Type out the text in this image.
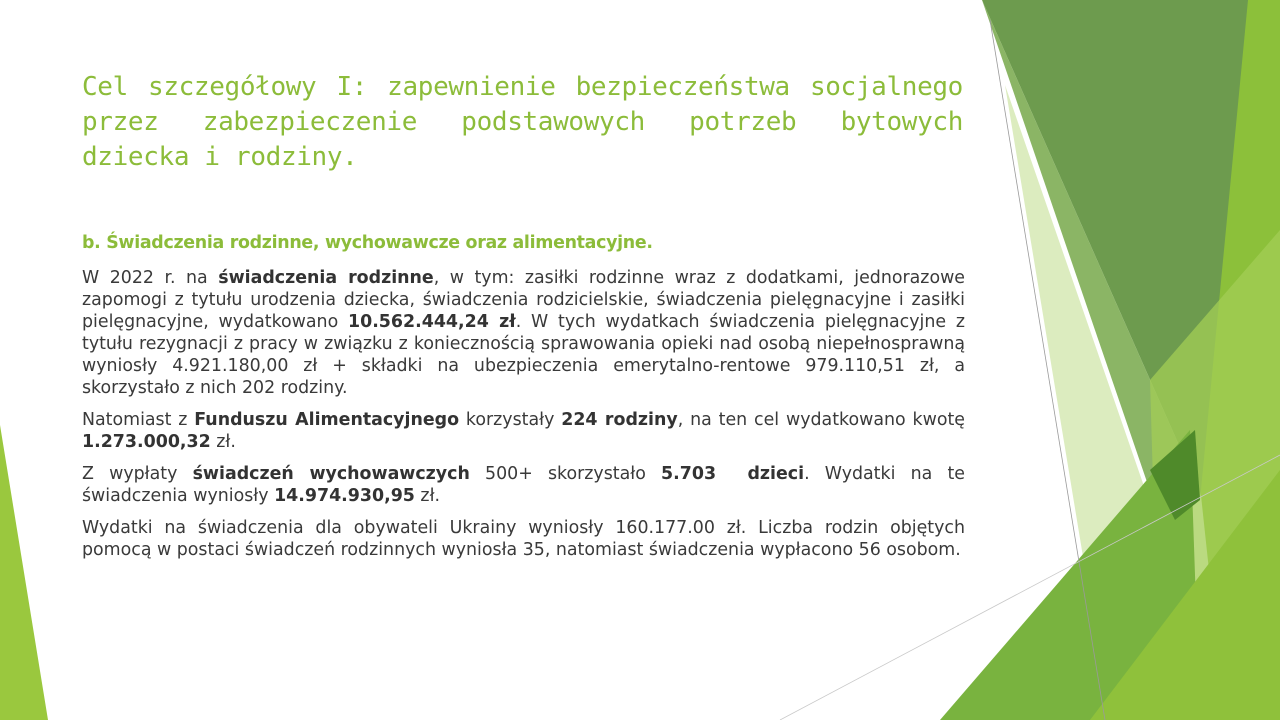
Cel szczegółowy I: zapewnienie bezpieczeństwa socjalnego przez zabezpieczenie podstawowych potrzeb bytowych dziecka i rodziny.

b. Świadczenia rodzinne, wychowawcze oraz alimentacyjne.

W 2022 r. na świadczenia rodzinne, w tym: zasiłki rodzinne wraz z dodatkami, jednorazowe zapomogi z tytułu urodzenia dziecka, świadczenia rodzicielskie, świadczenia pielęgnacyjne i zasiłki pielęgnacyjne, wydatkowano 10.562.444,24 zł. W tych wydatkach świadczenia pielęgnacyjne z tytułu rezygnacji z pracy w związku z koniecznością sprawowania opieki nad osobą niepełnosprawną wyniosły 4.921.180,00 zł + składki na ubezpieczenia emerytalno-rentowe 979.110,51 zł, a skorzystało z nich 202 rodziny.

Natomiast z Funduszu Alimentacyjnego korzystały 224 rodziny, na ten cel wydatkowano kwotę 1.273.000,32 zł.

Z wypłaty świadczeń wychowawczych 500+ skorzystało 5.703  dzieci. Wydatki na te świadczenia wyniosły 14.974.930,95 zł.

Wydatki na świadczenia dla obywateli Ukrainy wyniosły 160.177.00 zł. Liczba rodzin objętych pomocą w postaci świadczeń rodzinnych wyniosła 35, natomiast świadczenia wypłacono 56 osobom.
